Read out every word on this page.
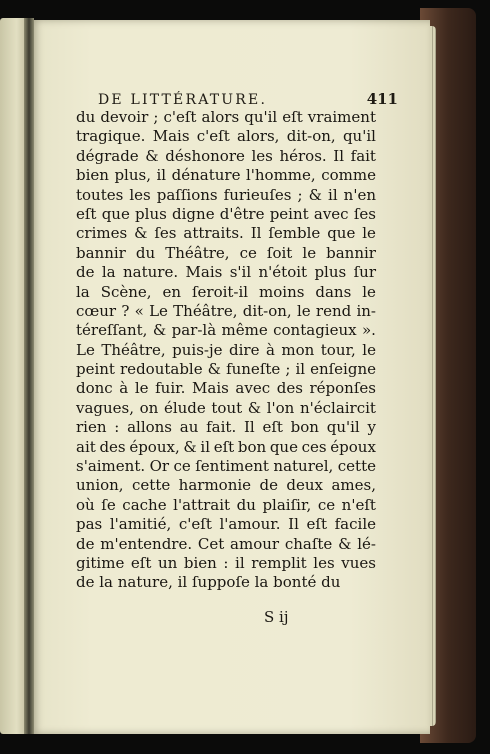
DE LITTÉRATURE.	411
du devoir ; c'eſt alors qu'il eſt vraiment
tragique. Mais c'eſt alors, dit-on, qu'il
dégrade & déshonore les héros. Il fait
bien plus, il dénature l'homme, comme
toutes les paſſions furieuſes ; & il n'en
eſt que plus digne d'être peint avec ſes
crimes & ſes attraits. Il ſemble que le
bannir du Théâtre, ce ſoit le bannir
de la nature. Mais s'il n'étoit plus ſur
la Scène, en ſeroit-il moins dans le
cœur ? « Le Théâtre, dit-on, le rend in-
téreſſant, & par-là même contagieux ».
Le Théâtre, puis-je dire à mon tour, le
peint redoutable & funeſte ; il enſeigne
donc à le fuir. Mais avec des réponſes
vagues, on élude tout & l'on n'éclaircit
rien : allons au fait. Il eſt bon qu'il y
ait des époux, & il eſt bon que ces époux
s'aiment. Or ce ſentiment naturel, cette
union, cette harmonie de deux ames,
où ſe cache l'attrait du plaiſir, ce n'eſt
pas l'amitié, c'eſt l'amour. Il eſt facile
de m'entendre. Cet amour chaſte & lé-
gitime eſt un bien : il remplit les vues
de la nature, il ſuppoſe la bonté du
S ij
